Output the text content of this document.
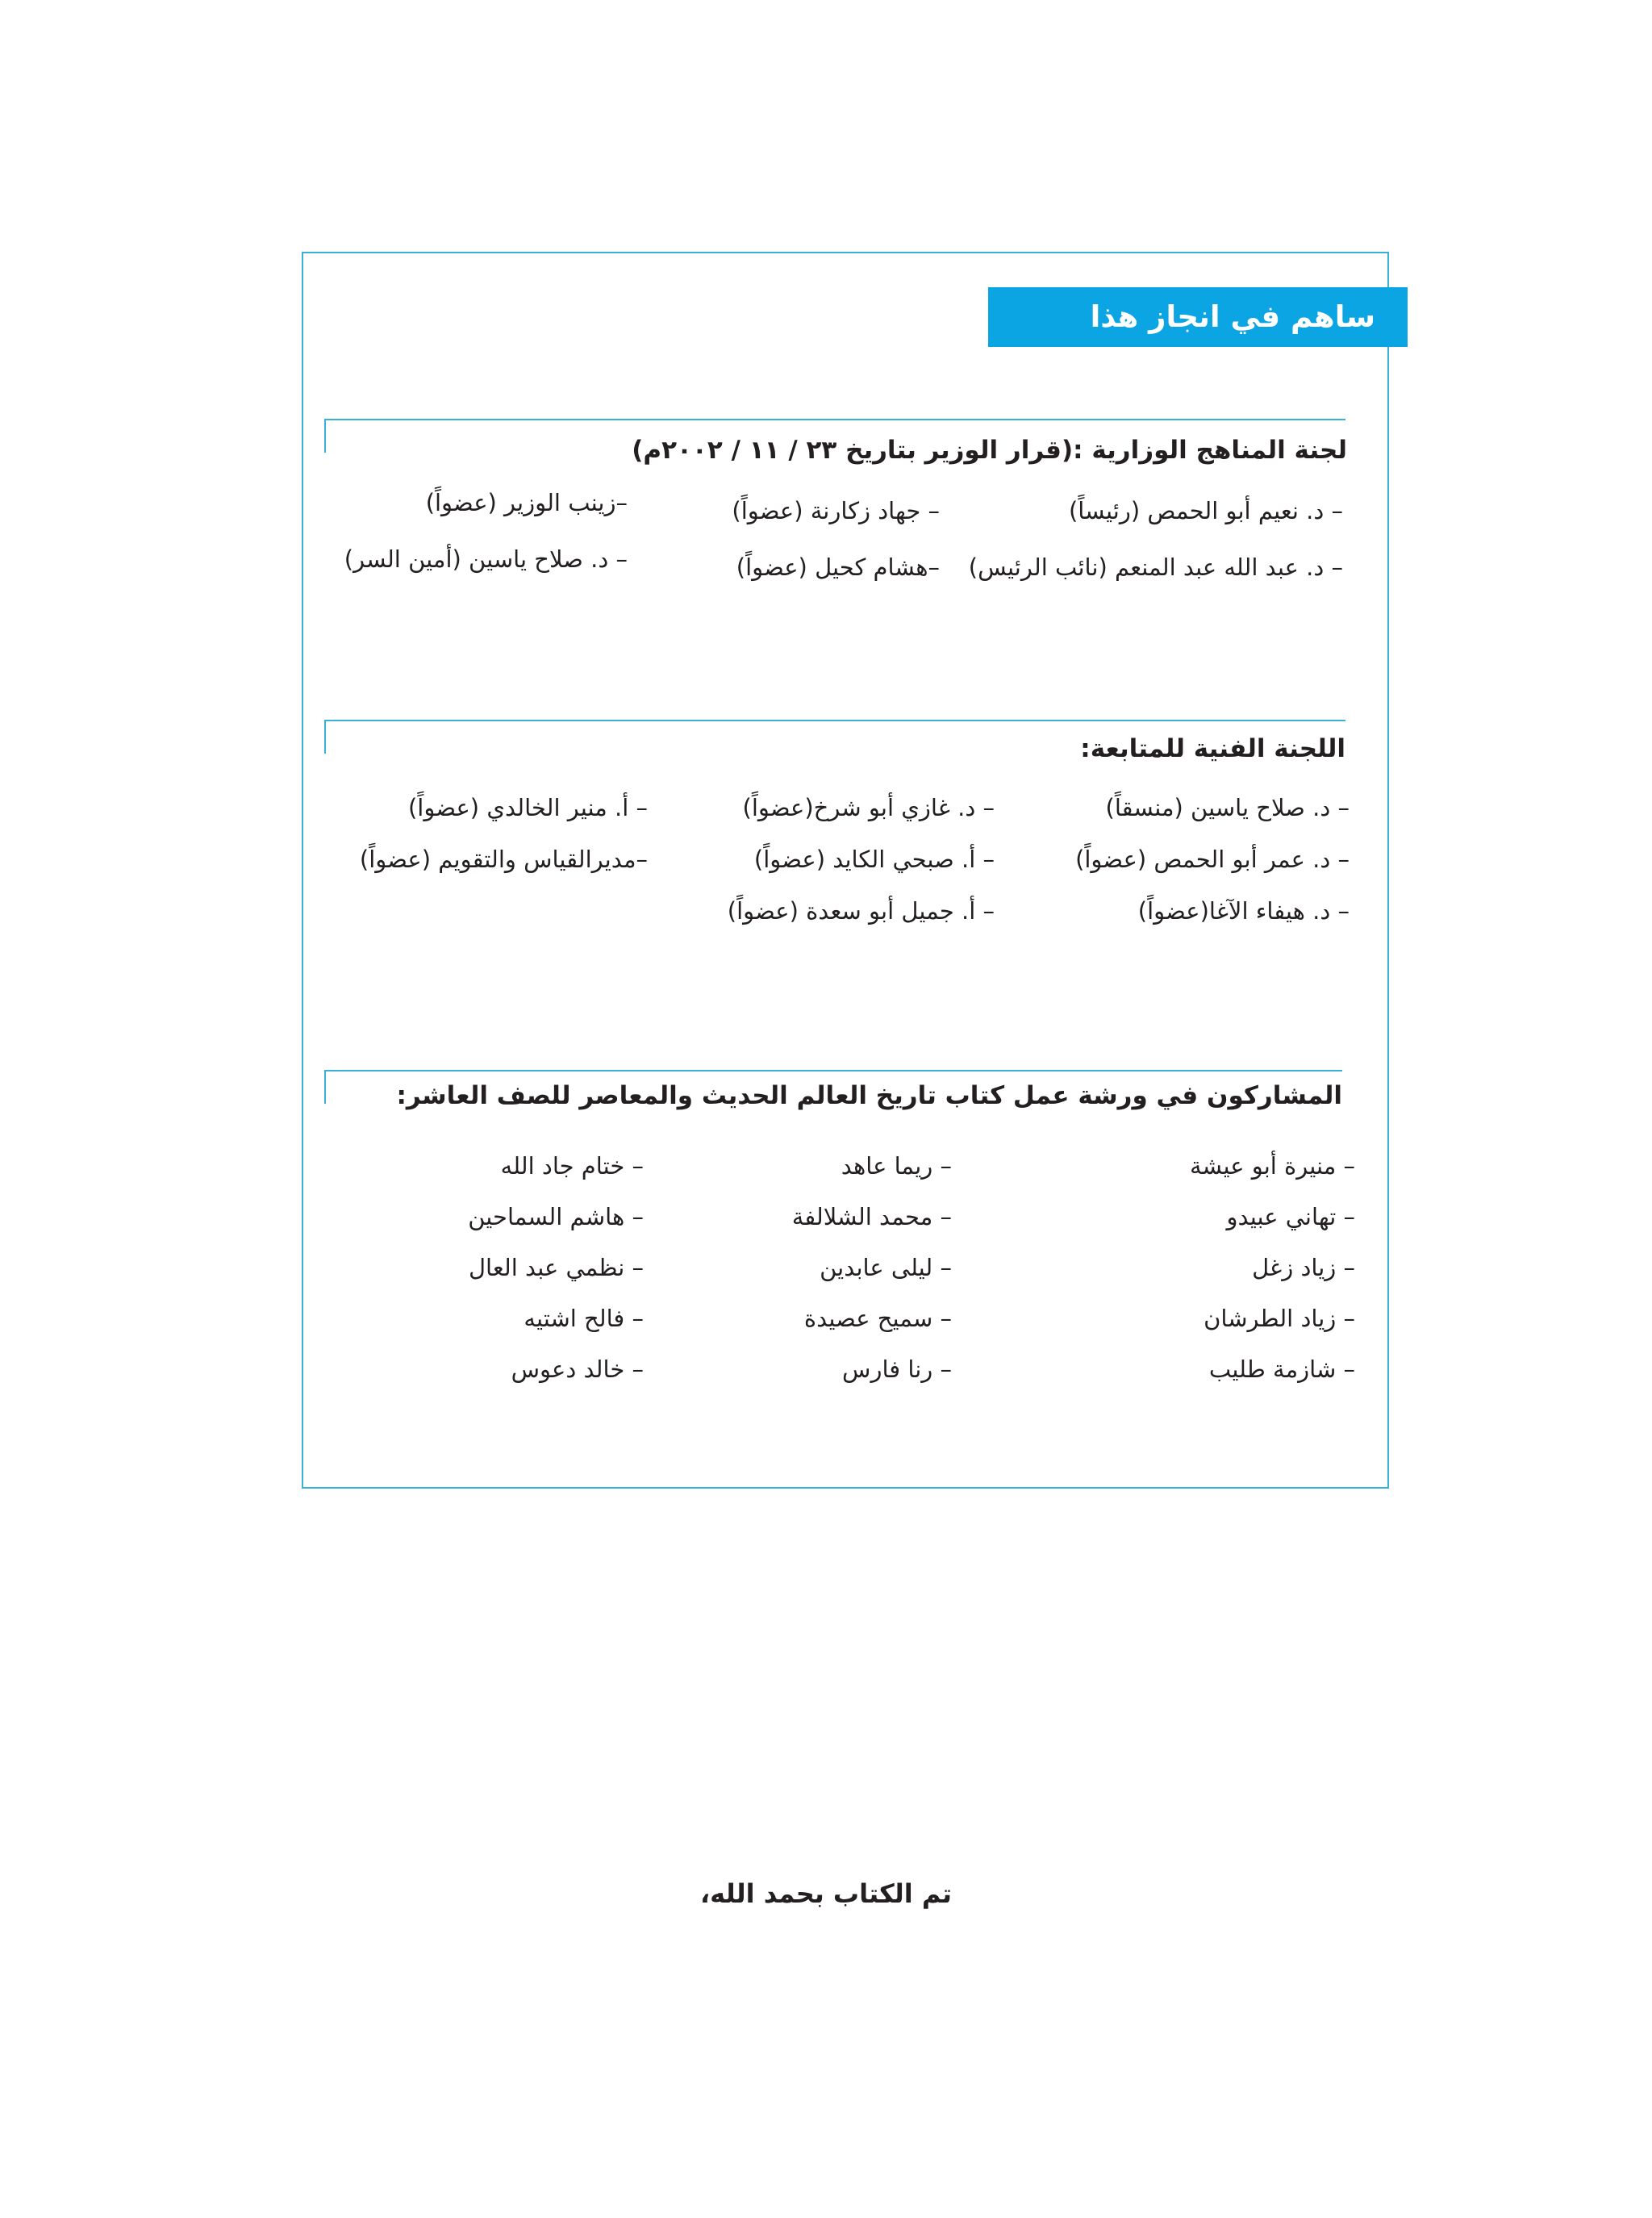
ساهم في انجاز هذا العمل:
لجنة المناهج الوزارية :(قرار الوزير بتاريخ ٢٣ / ١١ / ٢٠٠٢م)
– د. نعيم أبو الحمص (رئيساً)
– د. عبد الله عبد المنعم (نائب الرئيس)
– جهاد زكارنة (عضواً)
–هشام كحيل (عضواً)
–زينب الوزير (عضواً)
– د. صلاح ياسين (أمين السر)
اللجنة الفنية للمتابعة:
– د. صلاح ياسين (منسقاً)
– د. عمر أبو الحمص (عضواً)
– د. هيفاء الآغا(عضواً)
– د. غازي أبو شرخ(عضواً)
– أ. صبحي الكايد (عضواً)
– أ. جميل أبو سعدة (عضواً)
– أ. منير الخالدي (عضواً)
–مديرالقياس والتقويم (عضواً)
المشاركون في ورشة عمل كتاب تاريخ العالم الحديث والمعاصر للصف العاشر:
– منيرة أبو عيشة
– تهاني عبيدو
– زياد زغل
– زياد الطرشان
– شازمة طليب
– ريما عاهد
– محمد الشلالفة
– ليلى عابدين
– سميح عصيدة
– رنا فارس
– ختام جاد الله
– هاشم السماحين
– نظمي عبد العال
– فالح اشتيه
– خالد دعوس
تم الكتاب بحمد الله،
